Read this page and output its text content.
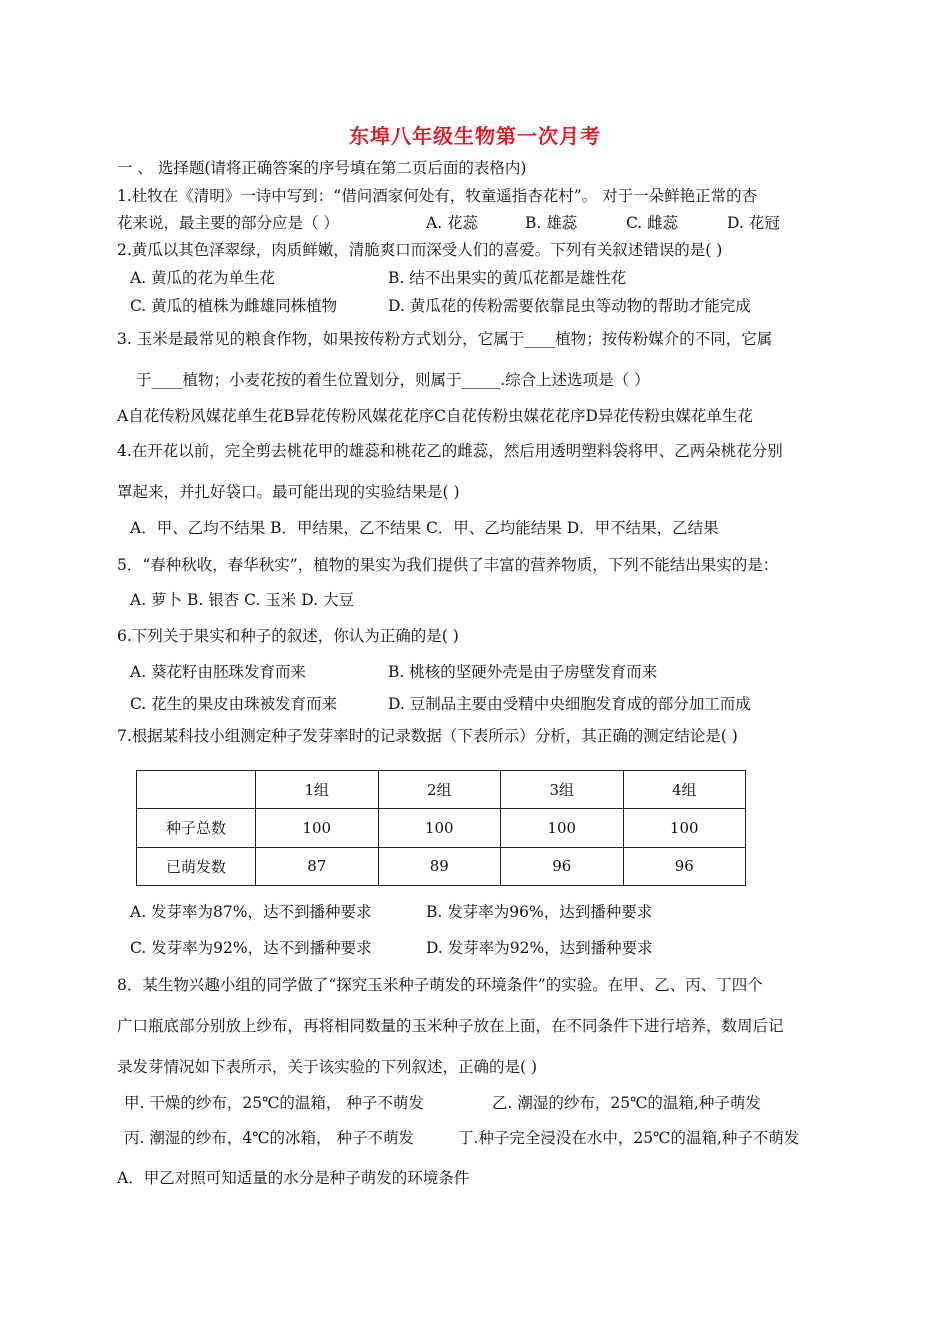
东埠八年级生物第一次月考
一 、 选择题(请将正确答案的序号填在第二页后面的表格内)
1.杜牧在《清明》一诗中写到：“借问酒家何处有，牧童遥指杏花村”。 对于一朵鲜艳正常的杏
花来说，最主要的部分应是（ ）	A. 花蕊	B. 雄蕊	C. 雌蕊	D. 花冠
2.黄瓜以其色泽翠绿，肉质鲜嫩，清脆爽口而深受人们的喜爱。下列有关叙述错误的是( )
A. 黄瓜的花为单生花	B. 结不出果实的黄瓜花都是雄性花
C. 黄瓜的植株为雌雄同株植物	D. 黄瓜花的传粉需要依靠昆虫等动物的帮助才能完成
3. 玉米是最常见的粮食作物，如果按传粉方式划分，它属于____植物；按传粉媒介的不同，它属
于____植物；小麦花按的着生位置划分，则属于_____.综合上述选项是（ ）
A自花传粉风媒花单生花B异花传粉风媒花花序C自花传粉虫媒花花序D异花传粉虫媒花单生花
4.在开花以前，完全剪去桃花甲的雄蕊和桃花乙的雌蕊，然后用透明塑料袋将甲、乙两朵桃花分别
罩起来，并扎好袋口。最可能出现的实验结果是( )
A．甲、乙均不结果 B．甲结果，乙不结果 C．甲、乙均能结果 D．甲不结果，乙结果
5．“春种秋收，春华秋实”，植物的果实为我们提供了丰富的营养物质，下列不能结出果实的是：
A. 萝卜 B. 银杏 C. 玉米 D. 大豆
6.下列关于果实和种子的叙述，你认为正确的是( )
A. 葵花籽由胚珠发育而来	B. 桃核的坚硬外壳是由子房壁发育而来
C. 花生的果皮由珠被发育而来	D. 豆制品主要由受精中央细胞发育成的部分加工而成
7.根据某科技小组测定种子发芽率时的记录数据（下表所示）分析，其正确的测定结论是( )
	1组	2组	3组	4组
种子总数	100	100	100	100
已萌发数	87	89	96	96
A. 发芽率为87%，达不到播种要求	B. 发芽率为96%，达到播种要求
C. 发芽率为92%，达不到播种要求	D. 发芽率为92%，达到播种要求
8．某生物兴趣小组的同学做了“探究玉米种子萌发的环境条件”的实验。在甲、乙、丙、丁四个
广口瓶底部分别放上纱布，再将相同数量的玉米种子放在上面，在不同条件下进行培养，数周后记
录发芽情况如下表所示，关于该实验的下列叙述，正确的是( )
甲. 干燥的纱布，25℃的温箱， 种子不萌发	乙. 潮湿的纱布，25℃的温箱,种子萌发
丙. 潮湿的纱布，4℃的冰箱， 种子不萌发	丁.种子完全浸没在水中，25℃的温箱,种子不萌发
A．甲乙对照可知适量的水分是种子萌发的环境条件
